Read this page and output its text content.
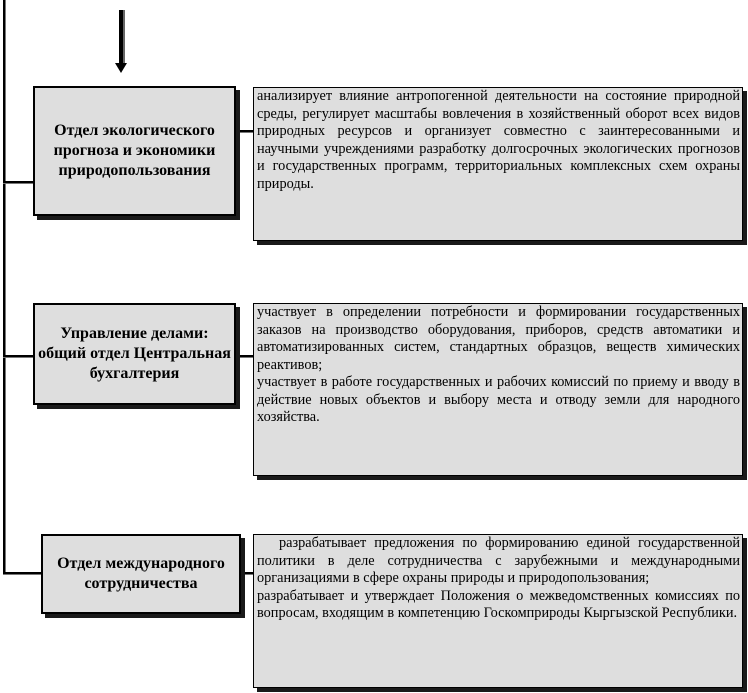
Отдел экологического прогноза и экономики природопользования

анализирует влияние антропогенной деятельности на состояние природной среды, регулирует масштабы вовлечения в хозяйственный оборот всех видов природных ресурсов и организует совместно с заинтересованными и научными учреждениями разработку долгосрочных экологических прогнозов и государственных программ, территориальных комплексных схем охраны природы.

Управление делами: общий отдел Центральная бухгалтерия

участвует в определении потребности и формировании государственных заказов на производство оборудования, приборов, средств автоматики и автоматизированных систем, стандартных образцов, веществ химических реактивов;

участвует в работе государственных и рабочих комиссий по приему и вводу в действие новых объектов и выбору места и отводу земли для народного хозяйства.

Отдел международного сотрудничества

разрабатывает предложения по формированию единой государственной политики в деле сотрудничества с зарубежными и международными организациями в сфере охраны природы и природопользования;

разрабатывает и утверждает Положения о межведомственных комиссиях по вопросам, входящим в компетенцию Госкомприроды Кыргызской Республики.
